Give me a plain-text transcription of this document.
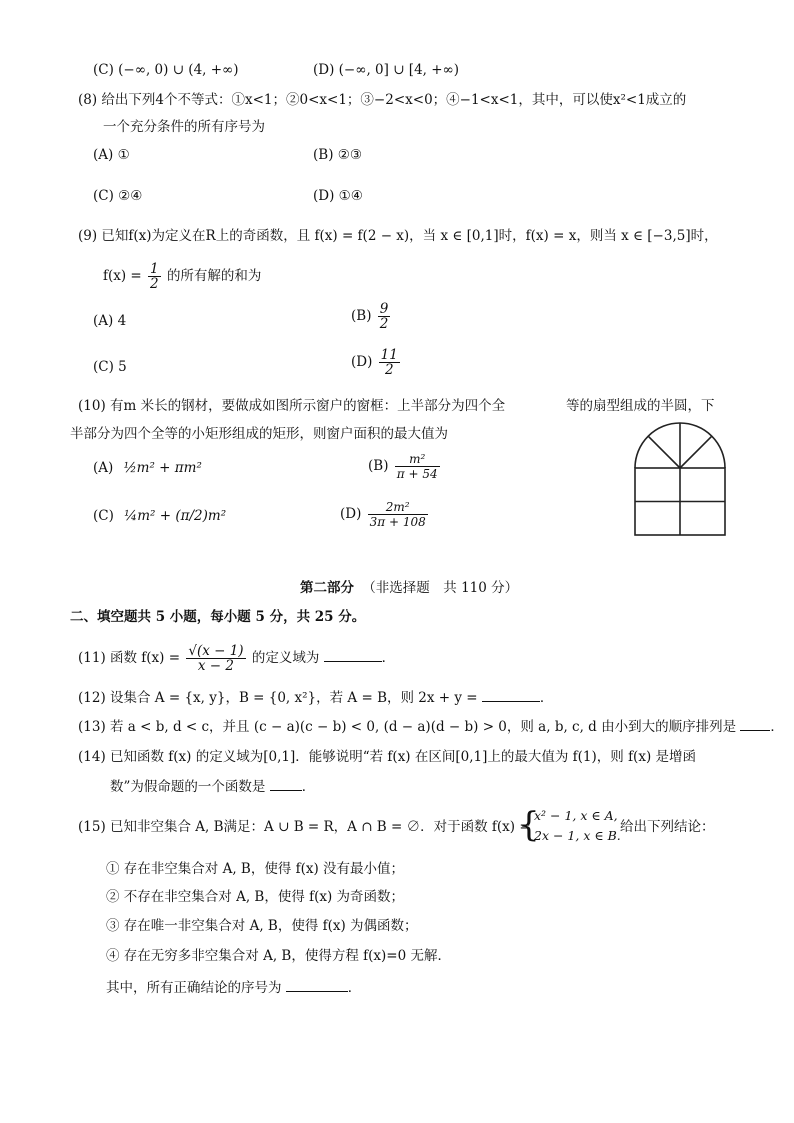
(C) (−∞, 0) ∪ (4, +∞)	(D) (−∞, 0] ∪ [4, +∞)
(8) 给出下列4个不等式：①x<1；②0<x<1；③−2<x<0；④−1<x<1，其中，可以使x²<1成立的
一个充分条件的所有序号为
(A) ①	(B) ②③
(C) ②④	(D) ①④
(9) 已知f(x)为定义在R上的奇函数，且 f(x) = f(2 − x)，当 x ∈ [0,1]时，f(x) = x，则当 x ∈ [−3,5]时，
$f(x) = \frac{1}{2}$ 的所有解的和为
(A) 4	$(B) \frac{9}{2}$
(C) 5	$(D) \frac{11}{2}$
(10) 有m 米长的钢材，要做成如图所示窗户的窗框：上半部分为四个全	等的扇型组成的半圆，下
半部分为四个全等的小矩形组成的矩形，则窗户面积的最大值为
(A) ½m² + πm²	$(B) \frac{\text{m²}}{\pi + 54}$
(C) ¼m² + (π/2)m²	$(D) \frac{\text{2m²}}{3\pi + 108}$
第二部分 （非选择题　共 110 分）
二、填空题共 5 小题，每小题 5 分，共 25 分。
(11) 函数 $f(x) = \frac{√(x - 1)}{x - 2}$ 的定义域为	．
(12) 设集合 A = {x, y}，B = {0, x²}，若 A = B，则 2x + y =	．
(13) 若 a < b, d < c，并且 (c − a)(c − b) < 0, (d − a)(d − b) > 0，则 a, b, c, d 由小到大的顺序排列是	．
(14) 已知函数 f(x) 的定义域为[0,1]．能够说明“若 f(x) 在区间[0,1]上的最大值为 f(1)，则 f(x) 是增函
数”为假命题的一个函数是	．
(15) 已知非空集合 A, B满足：A ∪ B = R，A ∩ B = ∅．对于函数 f(x) =
{
x² − 1, x ∈ A,
2x − 1, x ∈ B.
给出下列结论：
① 存在非空集合对 A, B，使得 f(x) 没有最小值；
② 不存在非空集合对 A, B，使得 f(x) 为奇函数；
③ 存在唯一非空集合对 A, B，使得 f(x) 为偶函数；
④ 存在无穷多非空集合对 A, B，使得方程 f(x)=0 无解．
其中，所有正确结论的序号为	．
